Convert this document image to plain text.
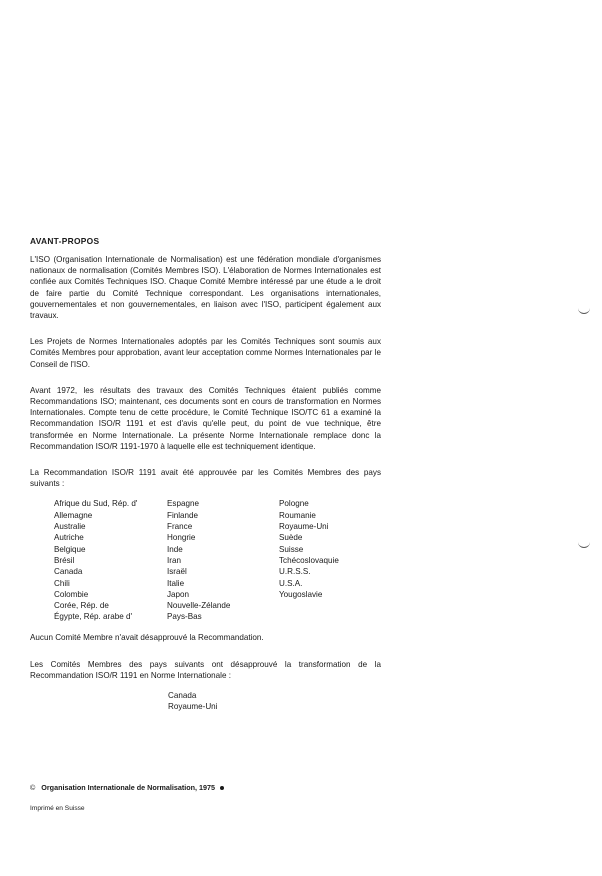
AVANT-PROPOS

L'ISO (Organisation Internationale de Normalisation) est une fédération mondiale d'organismes nationaux de normalisation (Comités Membres ISO). L'élaboration de Normes Internationales est confiée aux Comités Techniques ISO. Chaque Comité Membre intéressé par une étude a le droit de faire partie du Comité Technique correspondant. Les organisations internationales, gouvernementales et non gouvernementales, en liaison avec l'ISO, participent également aux travaux.

Les Projets de Normes Internationales adoptés par les Comités Techniques sont soumis aux Comités Membres pour approbation, avant leur acceptation comme Normes Internationales par le Conseil de l'ISO.

Avant 1972, les résultats des travaux des Comités Techniques étaient publiés comme Recommandations ISO; maintenant, ces documents sont en cours de transformation en Normes Internationales. Compte tenu de cette procédure, le Comité Technique ISO/TC 61 a examiné la Recommandation ISO/R 1191 et est d'avis qu'elle peut, du point de vue technique, être transformée en Norme Internationale. La présente Norme Internationale remplace donc la Recommandation ISO/R 1191-1970 à laquelle elle est techniquement identique.

La Recommandation ISO/R 1191 avait été approuvée par les Comités Membres des pays suivants :

Afrique du Sud, Rép. d'
Allemagne
Australie
Autriche
Belgique
Brésil
Canada
Chili
Colombie
Corée, Rép. de
Égypte, Rép. arabe d'
Espagne
Finlande
France
Hongrie
Inde
Iran
Israël
Italie
Japon
Nouvelle-Zélande
Pays-Bas
Pologne
Roumanie
Royaume-Uni
Suède
Suisse
Tchécoslovaquie
U.R.S.S.
U.S.A.
Yougoslavie

Aucun Comité Membre n'avait désapprouvé la Recommandation.

Les Comités Membres des pays suivants ont désapprouvé la transformation de la Recommandation ISO/R 1191 en Norme Internationale :

Canada
Royaume-Uni
© Organisation Internationale de Normalisation, 1975
Imprimé en Suisse
